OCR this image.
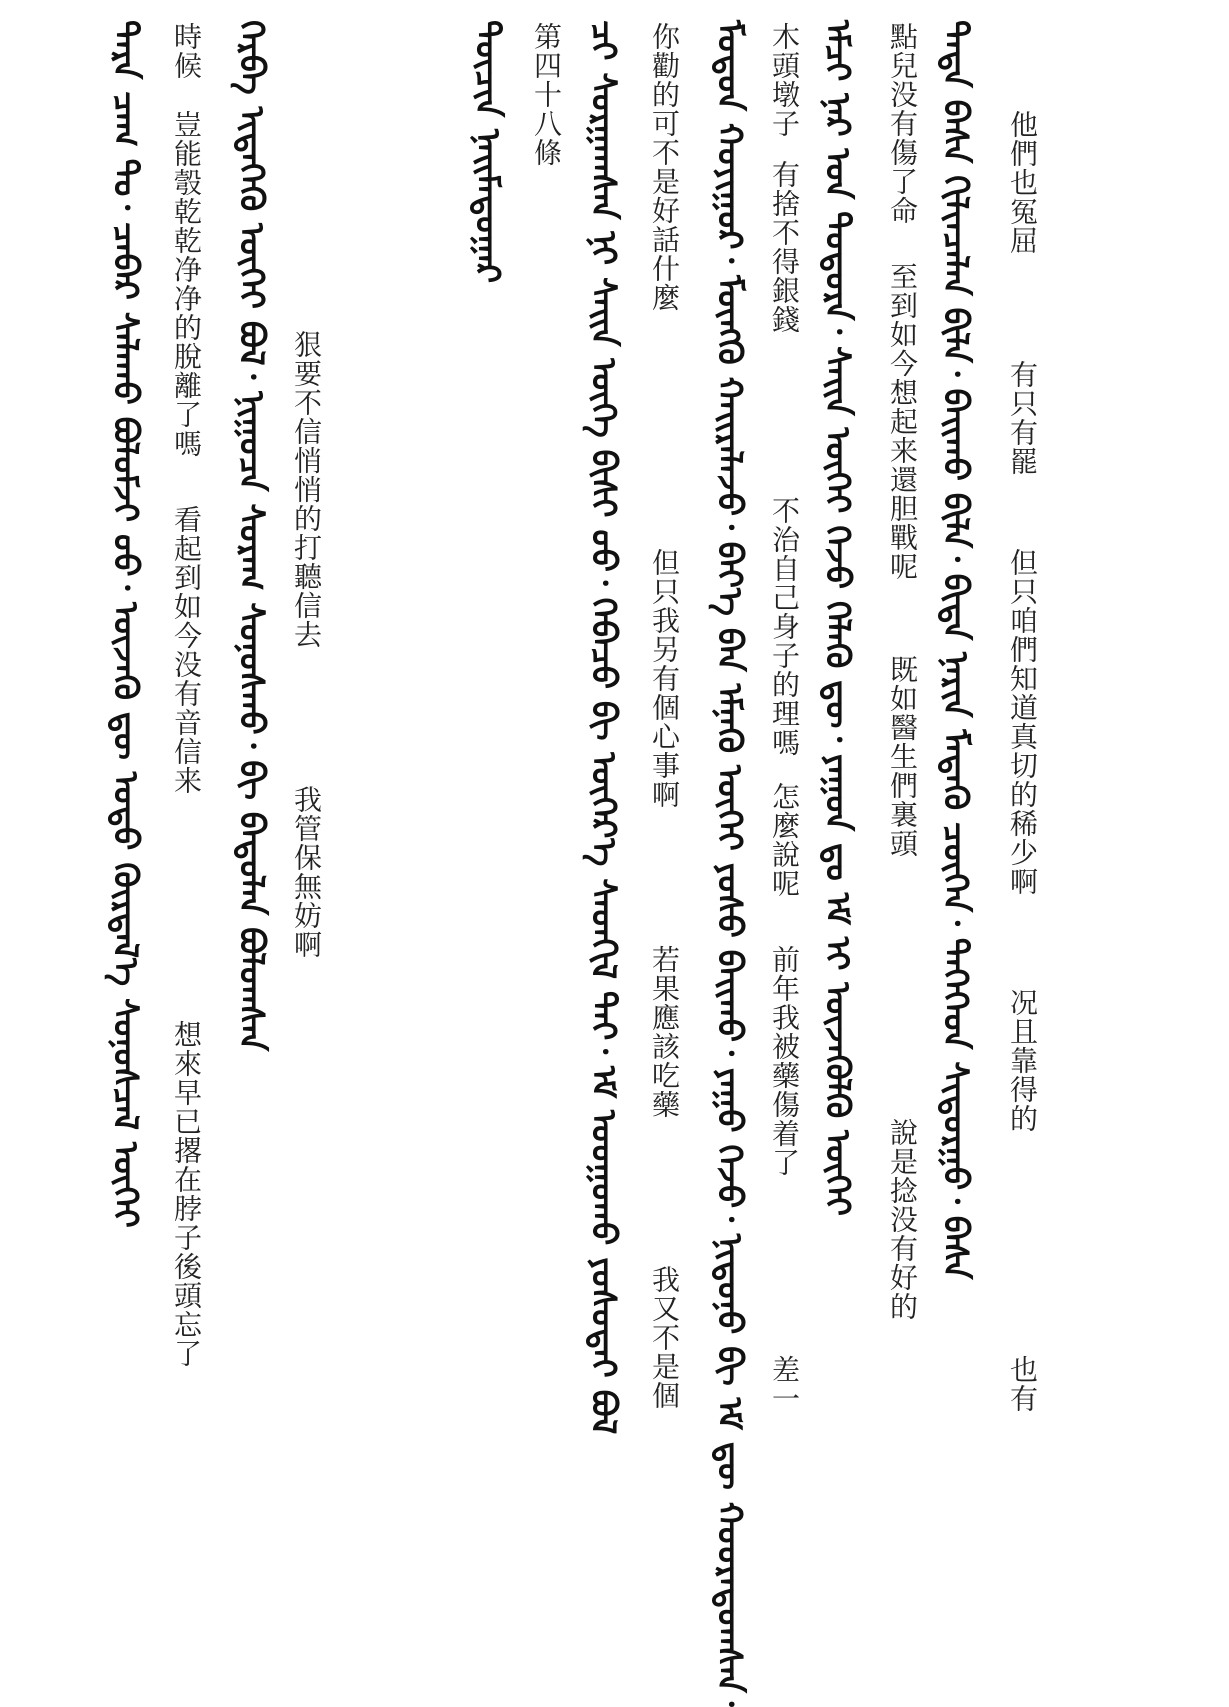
ᠲᠡᠳᠡ ᠪᠠᠰᠠ ᠬᠢᠯᠢᠨᠴᠡᠯᠡᠨ ᠪᠢᠯᠡ᠂ ᠪᠠᠢᠬᠤ ᠪᠢᠯᠡ᠂ ᠪᠢᠳᠡ ᠨᠠᠷᠢᠨ ᠮᠡᠳᠡᠬᠦ ᠴᠥᠬᠡᠨ᠂ ᠲᠡᠭᠡᠭᠡᠳ ᠰᠢᠳᠤᠷᠭᠤ᠂ ᠪᠠᠰᠠ 他們也冤屈
有只有罷
但只咱們知道真切的稀少啊
况且靠得的
也有
ᠡᠮᠴᠢ ᠨᠠᠷ ᠤᠨ ᠳᠣᠲᠣᠷᠠ᠂ ᠰᠠᠢᠨ ᠦᠭᠡᠢ ᠭᠡᠵᠦ ᠬᠡᠯᠡᠬᠦ ᠳᠦ᠂ ᠶᠠᠭᠤᠨ ᠳᠤ ᠡᠮ ᠢ ᠦᠵᠡᠭᠦᠯᠬᠦ ᠦᠭᠡᠢ 點兒没有傷了命
至到如今想起来還胆戰呢
既如醫生們裏頭
說是捻没有好的
ᠮᠣᠳᠤᠨ ᠬᠣᠶᠢᠭᠤᠷ᠂ ᠮᠥᠩᠭᠥ ᠬᠠᠢᠷᠠᠯᠠᠵᠤ᠂ ᠪᠡᠶ᠎ᠡ ᠪᠡᠨ ᠡᠮᠨᠡᠬᠦ ᠦᠭᠡᠢ ᠶᠣᠰᠤ ᠪᠠᠢᠬᠤ᠂ ᠶᠠᠭᠤ ᠭᠡᠵᠦ᠂ ᠨᠢᠳᠤᠨᠤ ᠪᠢ ᠡᠮ ᠳᠦ ᠬᠣᠤᠷᠠᠲᠤᠭᠰᠠᠨ᠂ 木頭墩子
有捨不得銀錢
不治自己身子的理嗎
怎麼說呢
前年我被藥傷着了
差一
ᠴᠢ ᠰᠤᠷᠭᠠᠭᠰᠠᠨ ᠨᠢ ᠰᠠᠢᠨ ᠦᠭᠡ ᠪᠢᠰᠢ ᠤᠤ᠂ ᠭᠡᠪᠡᠴᠦ ᠪᠢ ᠥᠭᠡᠷ᠎ᠡ ᠰᠡᠳᠬᠢᠯ ᠲᠡᠢ᠂ ᠡᠮ ᠤᠤᠭᠤᠬᠤ ᠶᠣᠰᠤᠲᠠᠢ ᠪᠣᠯ 你勸的可不是好話什麼
但只我另有個心事啊
若果應該吃藥
我又不是個
ᠳᠥᠴᠢᠨ ᠨᠠᠢᠮᠠᠳᠤᠭᠠᠷ 第四十八條
ᠬᠡᠷᠪᠡ ᠢᠳᠡᠭᠡᠬᠦ ᠦᠭᠡᠢ ᠪᠣᠯ᠂ ᠨᠢᠭᠤᠴᠠ ᠰᠤᠷᠠᠭ ᠰᠣᠨᠣᠰᠬᠤ᠂ ᠪᠢ ᠪᠠᠲᠤᠯᠠᠨ ᠪᠣᠯᠤᠭᠰᠠᠨ 狠要不信悄悄的打聽信去
我管保無妨啊
ᠲᠡᠷᠡ ᠴᠠᠭ ᠲᠤ᠂ ᠴᠡᠪᠡᠷ ᠰᠠᠯᠠᠬᠤ ᠪᠣᠯᠤᠮᠵᠢ ᠤᠤ᠂ ᠦᠵᠡᠬᠦ ᠳᠦ ᠣᠳᠣ ᠬᠦᠷᠲᠡᠯ᠎ᠡ ᠰᠣᠨᠣᠰᠴᠠᠯ ᠦᠭᠡᠢ 時候
豈能彀乾乾净净的脫離了嗎
看起到如今没有音信来
想來早已撂在脖子後頭忘了
